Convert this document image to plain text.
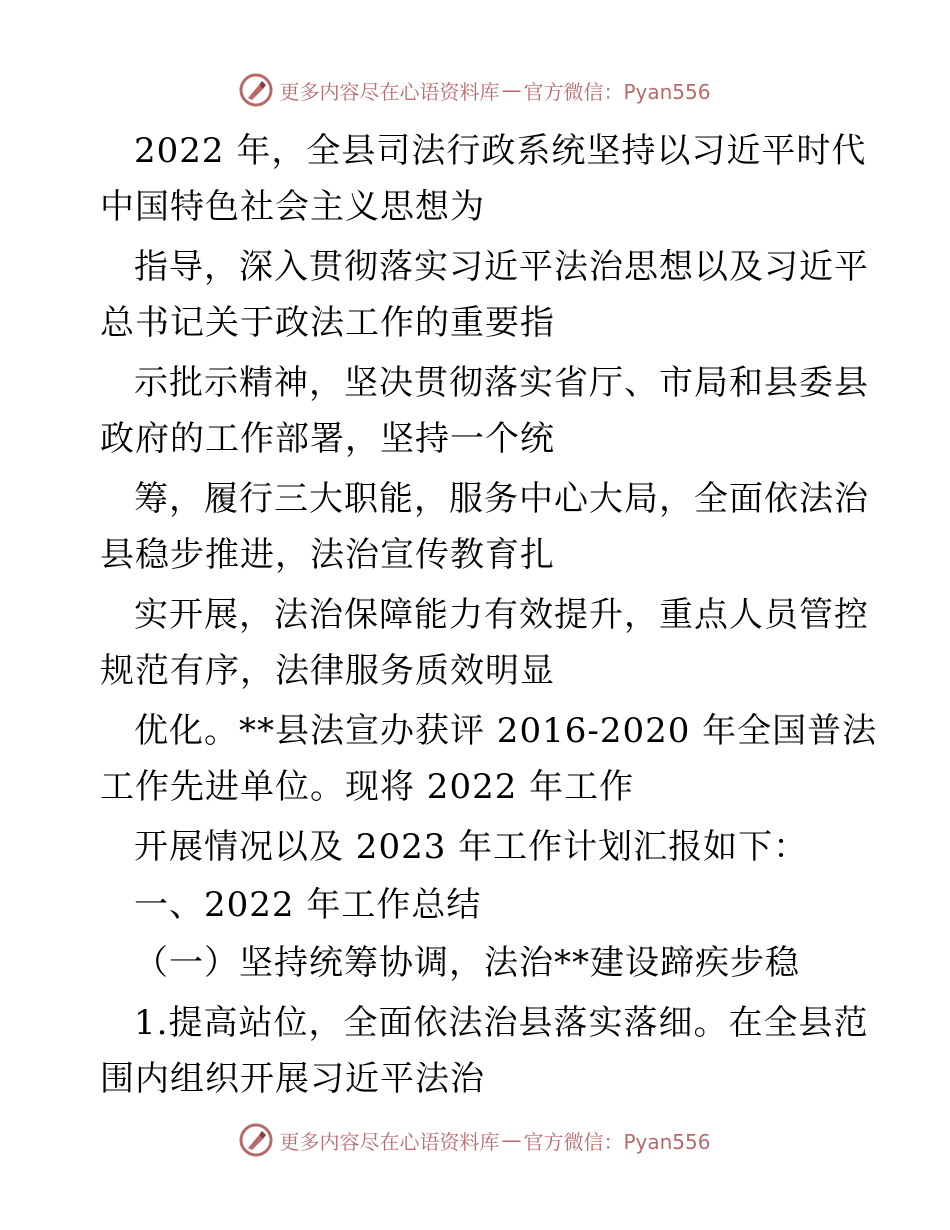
更多内容尽在心语资料库 — 官方微信：Pyan556
2022 年，全县司法行政系统坚持以习近平时代
中国特色社会主义思想为
指导，深入贯彻落实习近平法治思想以及习近平
总书记关于政法工作的重要指
示批示精神，坚决贯彻落实省厅、市局和县委县
政府的工作部署，坚持一个统
筹，履行三大职能，服务中心大局，全面依法治
县稳步推进，法治宣传教育扎
实开展，法治保障能力有效提升，重点人员管控
规范有序，法律服务质效明显
优化。**县法宣办获评 2016-2020 年全国普法
工作先进单位。现将 2022 年工作
开展情况以及 2023 年工作计划汇报如下：
一、2022 年工作总结
（一）坚持统筹协调，法治**建设蹄疾步稳
1.提高站位，全面依法治县落实落细。在全县范
围内组织开展习近平法治
更多内容尽在心语资料库 — 官方微信：Pyan556
